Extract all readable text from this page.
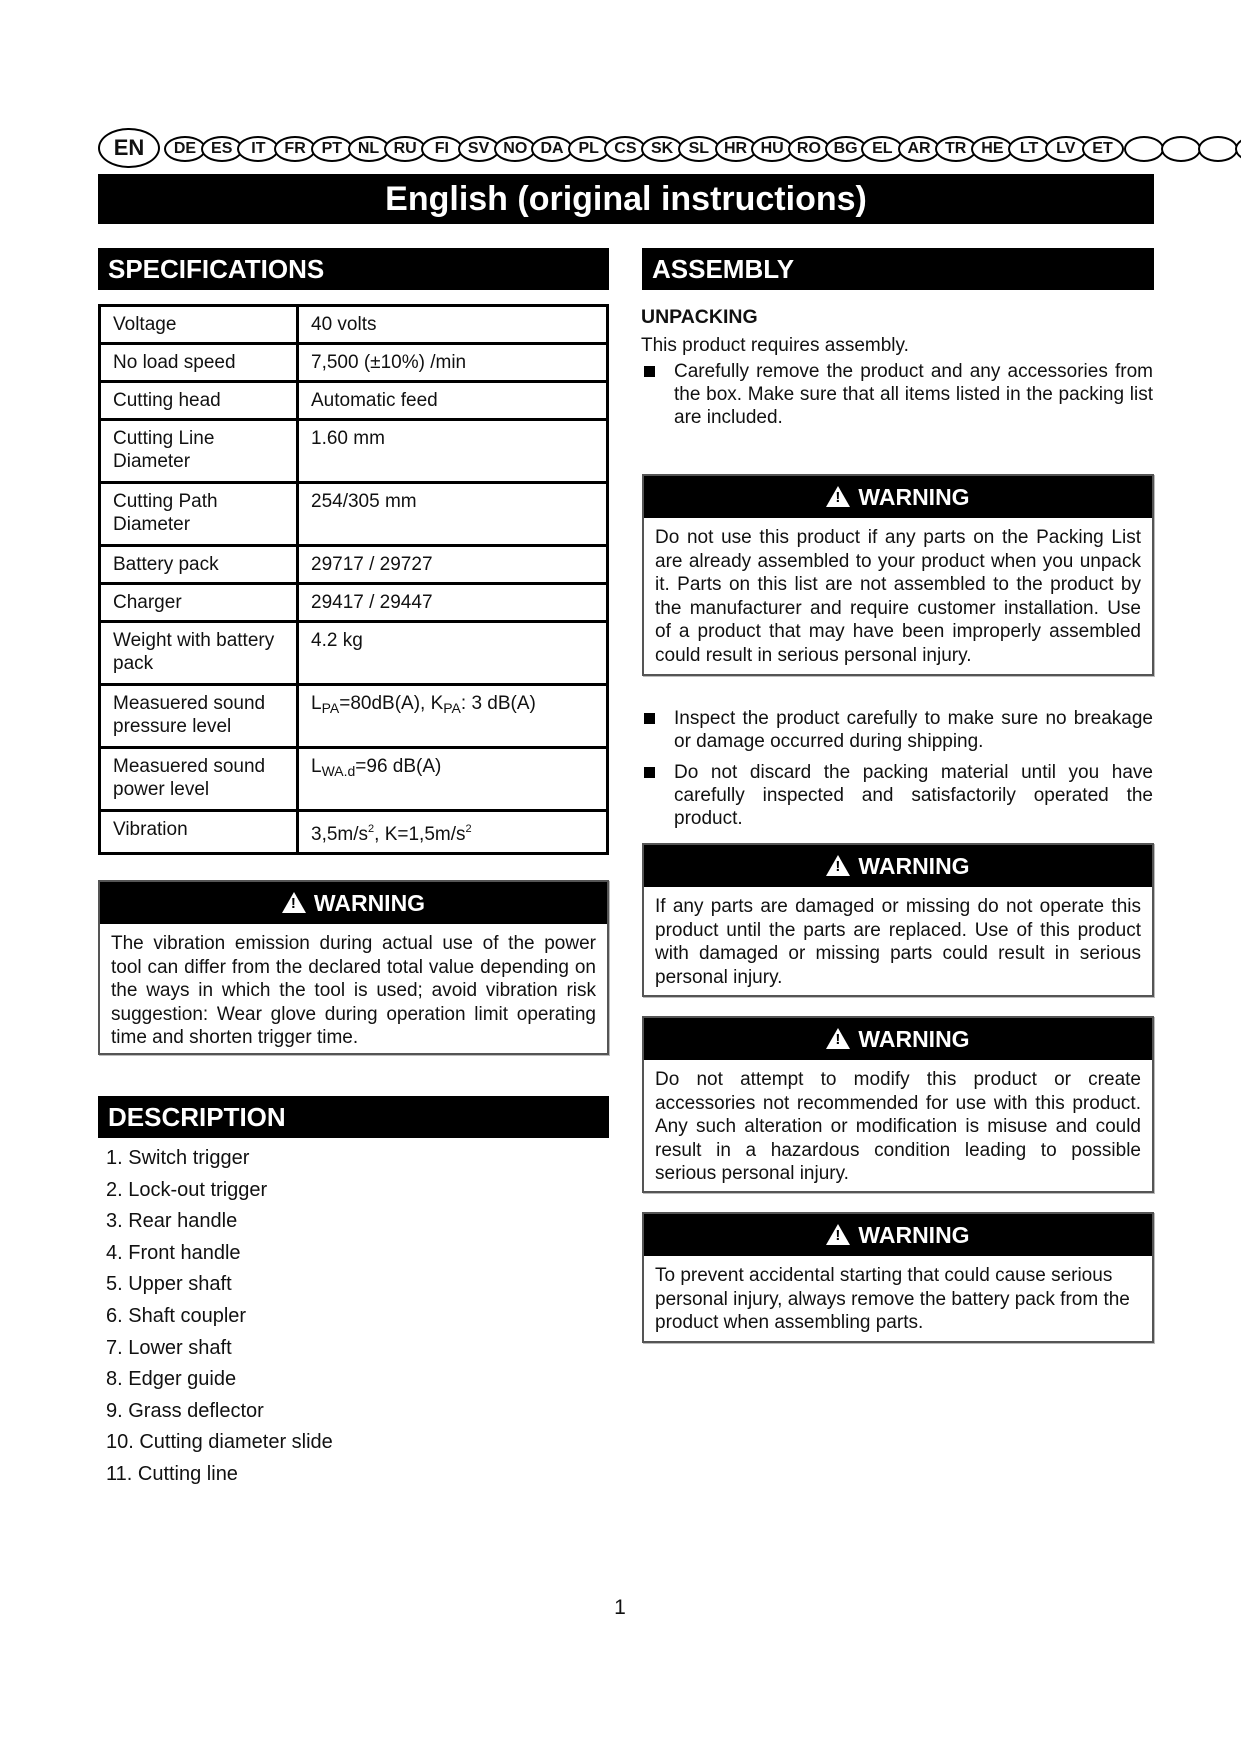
EN	DE ES	IT	FR PT NL RU	FI	SV NO DA PL CS SK SL HR HU RO BG EL AR TR HE	LT	LV	ET
English (original instructions)
SPECIFICATIONS
Voltage	40 volts
No load speed	7,500 (±10%) /min
Cutting head	Automatic feed
Cutting Line Diameter	1.60 mm
Cutting Path Diameter	254/305 mm
Battery pack	29717 / 29727
Charger	29417 / 29447
Weight with battery pack	4.2 kg
Measuered sound pressure level	$L_{PA}=80dB(A)$, $K_{PA}$: 3 dB(A)
Measuered sound power level	$L_{WA.d}=96$ dB(A)
Vibration	$3,5m/s^2$, $K=1,5m/s^2$
!WARNING
The vibration emission during actual use of the power tool can differ from the declared total value depending on the ways in which the tool is used; avoid vibration risk suggestion: Wear glove during operation limit operating time and shorten trigger time.
DESCRIPTION
1. Switch trigger
2. Lock-out trigger
3. Rear handle
4. Front handle
5. Upper shaft
6. Shaft coupler
7. Lower shaft
8. Edger guide
9. Grass deflector
10. Cutting diameter slide
11. Cutting line
ASSEMBLY
UNPACKING
This product requires assembly.
Carefully remove the product and any accessories from the box. Make sure that all items listed in the packing list are included.
!WARNING
Do not use this product if any parts on the Packing List are already assembled to your product when you unpack it. Parts on this list are not assembled to the product by the manufacturer and require customer installation. Use of a product that may have been improperly assembled could result in serious personal injury.
Inspect the product carefully to make sure no breakage or damage occurred during shipping.
Do not discard the packing material until you have carefully inspected and satisfactorily operated the product.
!WARNING
If any parts are damaged or missing do not operate this product until the parts are replaced. Use of this product with damaged or missing parts could result in serious personal injury.
!WARNING
Do not attempt to modify this product or create accessories not recommended for use with this product. Any such alteration or modification is misuse and could result in a hazardous condition leading to possible serious personal injury.
!WARNING
To prevent accidental starting that could cause serious personal injury, always remove the battery pack from the product when assembling parts.
1
